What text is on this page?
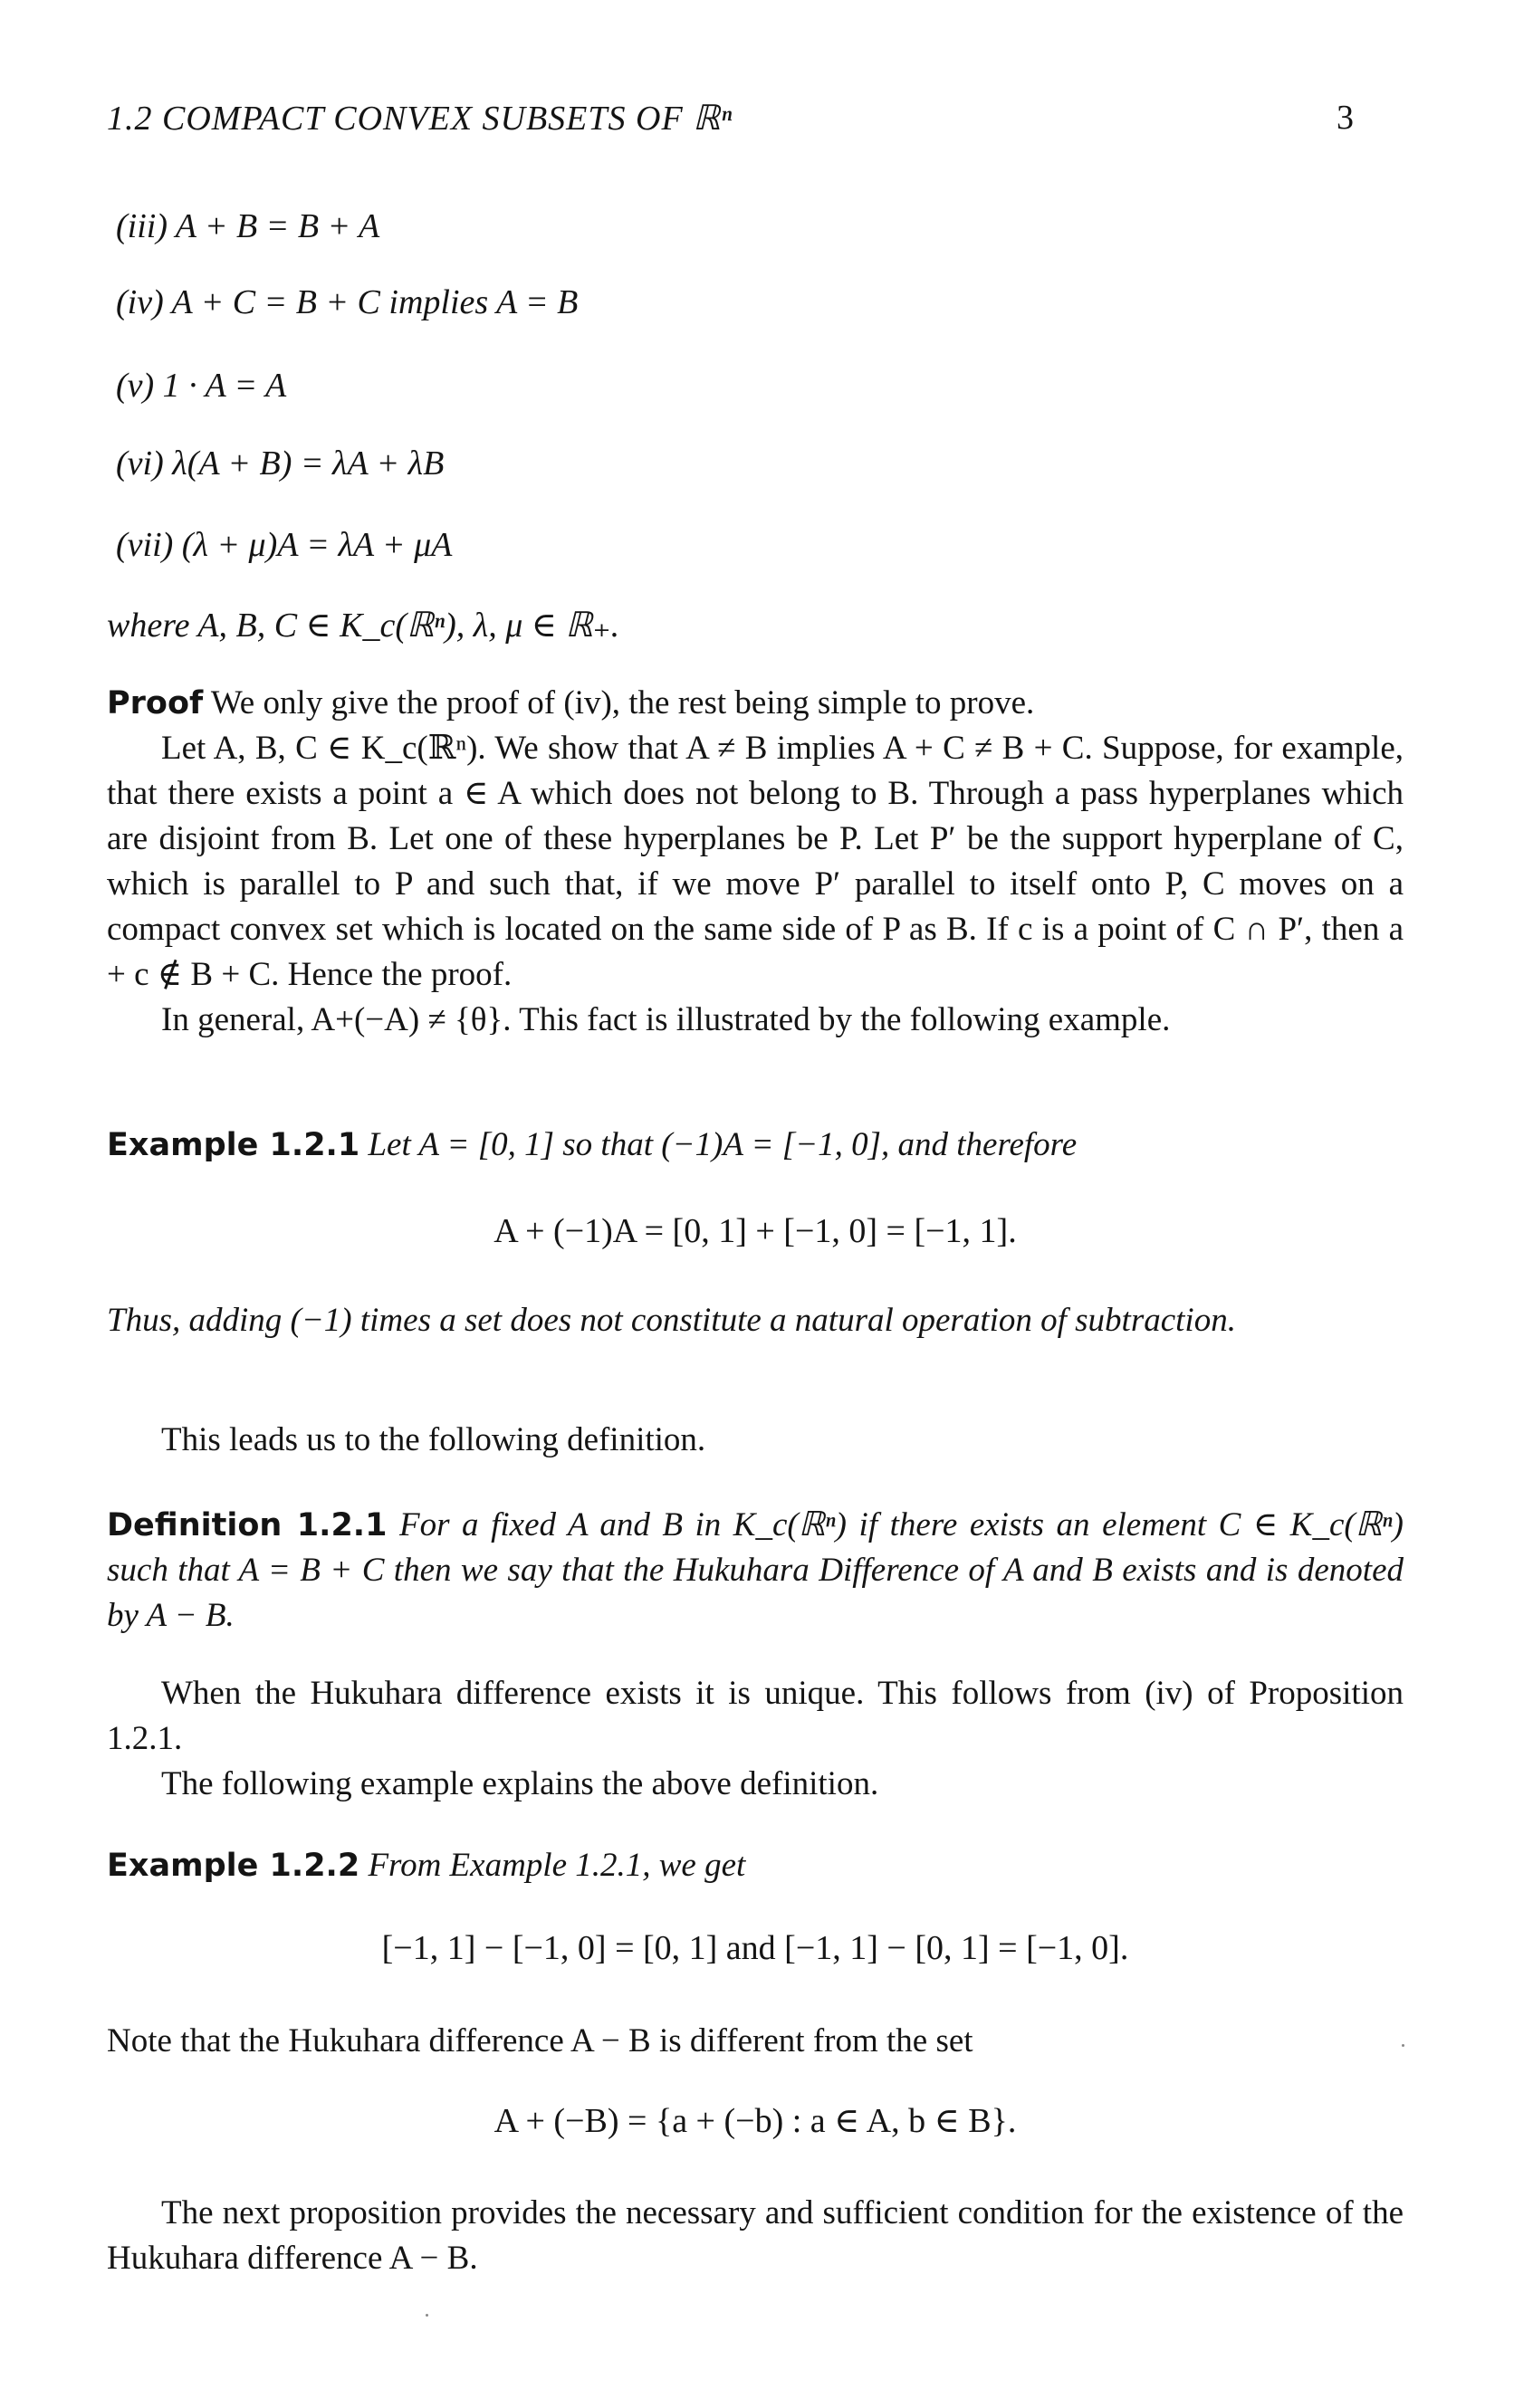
1.2 COMPACT CONVEX SUBSETS OF ℝⁿ	3
(iii) A + B = B + A
(iv) A + C = B + C implies A = B
(v) 1 · A = A
(vi) λ(A + B) = λA + λB
(vii) (λ + μ)A = λA + μA
where A, B, C ∈ K_c(ℝⁿ), λ, μ ∈ ℝ₊.

Proof We only give the proof of (iv), the rest being simple to prove.

Let A, B, C ∈ K_c(ℝⁿ). We show that A ≠ B implies A + C ≠ B + C. Suppose, for example, that there exists a point a ∈ A which does not belong to B. Through a pass hyperplanes which are disjoint from B. Let one of these hyperplanes be P. Let P′ be the support hyperplane of C, which is parallel to P and such that, if we move P′ parallel to itself onto P, C moves on a compact convex set which is located on the same side of P as B. If c is a point of C ∩ P′, then a + c ∉ B + C. Hence the proof.

In general, A+(−A) ≠ {θ}. This fact is illustrated by the following example.

Example 1.2.1 Let A = [0, 1] so that (−1)A = [−1, 0], and therefore

A + (−1)A = [0, 1] + [−1, 0] = [−1, 1].
Thus, adding (−1) times a set does not constitute a natural operation of subtraction.
This leads us to the following definition.

Definition 1.2.1 For a fixed A and B in K_c(ℝⁿ) if there exists an element C ∈ K_c(ℝⁿ) such that A = B + C then we say that the Hukuhara Difference of A and B exists and is denoted by A − B.

When the Hukuhara difference exists it is unique. This follows from (iv) of Proposition 1.2.1.
The following example explains the above definition.

Example 1.2.2 From Example 1.2.1, we get

[−1, 1] − [−1, 0] = [0, 1] and [−1, 1] − [0, 1] = [−1, 0].
Note that the Hukuhara difference A − B is different from the set
A + (−B) = {a + (−b) : a ∈ A, b ∈ B}.
The next proposition provides the necessary and sufficient condition for the existence of the Hukuhara difference A − B.
